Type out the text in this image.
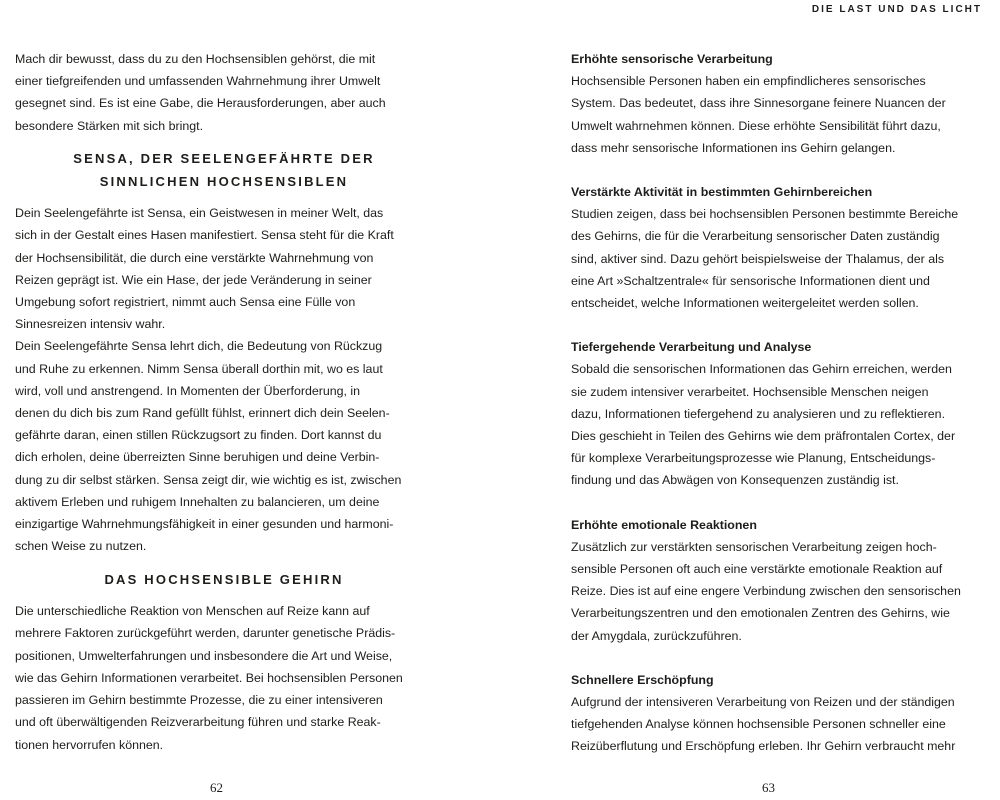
DIE LAST UND DAS LICHT

Mach dir bewusst, dass du zu den Hochsensiblen gehörst, die mit

einer tiefgreifenden und umfassenden Wahrnehmung ihrer Umwelt

gesegnet sind. Es ist eine Gabe, die Herausforderungen, aber auch

besondere Stärken mit sich bringt.

SENSA, DER SEELENGEFÄHRTE DER

SINNLICHEN HOCHSENSIBLEN

Dein Seelengefährte ist Sensa, ein Geistwesen in meiner Welt, das

sich in der Gestalt eines Hasen manifestiert. Sensa steht für die Kraft

der Hochsensibilität, die durch eine verstärkte Wahrnehmung von

Reizen geprägt ist. Wie ein Hase, der jede Veränderung in seiner

Umgebung sofort registriert, nimmt auch Sensa eine Fülle von

Sinnesreizen intensiv wahr.

Dein Seelengefährte Sensa lehrt dich, die Bedeutung von Rückzug

und Ruhe zu erkennen. Nimm Sensa überall dorthin mit, wo es laut

wird, voll und anstrengend. In Momenten der Überforderung, in

denen du dich bis zum Rand gefüllt fühlst, erinnert dich dein Seelen-

gefährte daran, einen stillen Rückzugsort zu finden. Dort kannst du

dich erholen, deine überreizten Sinne beruhigen und deine Verbin-

dung zu dir selbst stärken. Sensa zeigt dir, wie wichtig es ist, zwischen

aktivem Erleben und ruhigem Innehalten zu balancieren, um deine

einzigartige Wahrnehmungsfähigkeit in einer gesunden und harmoni-

schen Weise zu nutzen.

DAS HOCHSENSIBLE GEHIRN

Die unterschiedliche Reaktion von Menschen auf Reize kann auf

mehrere Faktoren zurückgeführt werden, darunter genetische Prädis-

positionen, Umwelterfahrungen und insbesondere die Art und Weise,

wie das Gehirn Informationen verarbeitet. Bei hochsensiblen Personen

passieren im Gehirn bestimmte Prozesse, die zu einer intensiveren

und oft überwältigenden Reizverarbeitung führen und starke Reak-

tionen hervorrufen können.

Erhöhte sensorische Verarbeitung

Hochsensible Personen haben ein empfindlicheres sensorisches

System. Das bedeutet, dass ihre Sinnesorgane feinere Nuancen der

Umwelt wahrnehmen können. Diese erhöhte Sensibilität führt dazu,

dass mehr sensorische Informationen ins Gehirn gelangen.

Verstärkte Aktivität in bestimmten Gehirnbereichen

Studien zeigen, dass bei hochsensiblen Personen bestimmte Bereiche

des Gehirns, die für die Verarbeitung sensorischer Daten zuständig

sind, aktiver sind. Dazu gehört beispielsweise der Thalamus, der als

eine Art »Schaltzentrale« für sensorische Informationen dient und

entscheidet, welche Informationen weitergeleitet werden sollen.

Tiefergehende Verarbeitung und Analyse

Sobald die sensorischen Informationen das Gehirn erreichen, werden

sie zudem intensiver verarbeitet. Hochsensible Menschen neigen

dazu, Informationen tiefergehend zu analysieren und zu reflektieren.

Dies geschieht in Teilen des Gehirns wie dem präfrontalen Cortex, der

für komplexe Verarbeitungsprozesse wie Planung, Entscheidungs-

findung und das Abwägen von Konsequenzen zuständig ist.

Erhöhte emotionale Reaktionen

Zusätzlich zur verstärkten sensorischen Verarbeitung zeigen hoch-

sensible Personen oft auch eine verstärkte emotionale Reaktion auf

Reize. Dies ist auf eine engere Verbindung zwischen den sensorischen

Verarbeitungszentren und den emotionalen Zentren des Gehirns, wie

der Amygdala, zurückzuführen.

Schnellere Erschöpfung

Aufgrund der intensiveren Verarbeitung von Reizen und der ständigen

tiefgehenden Analyse können hochsensible Personen schneller eine

Reizüberflutung und Erschöpfung erleben. Ihr Gehirn verbraucht mehr

62	63
